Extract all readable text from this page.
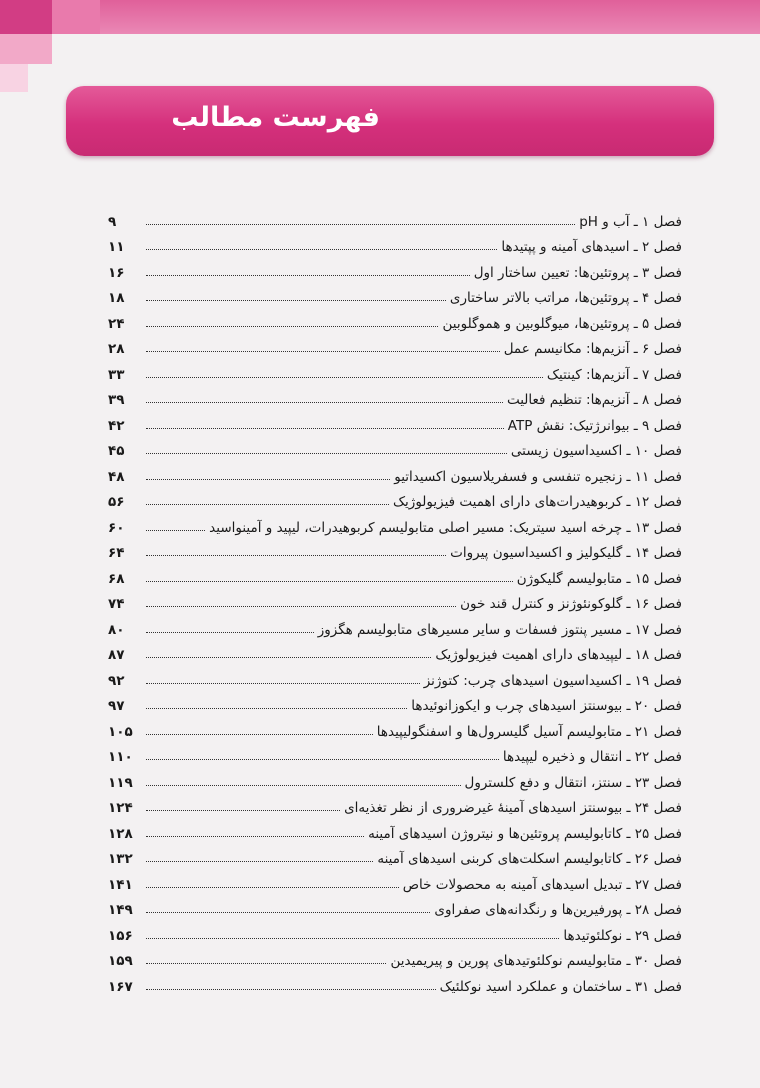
فهرست مطالب
فصل ۱ ـ آب و pH
۹
فصل ۲ ـ اسیدهای آمینه و پپتیدها
۱۱
فصل ۳ ـ پروتئین‌ها: تعیین ساختار اول
۱۶
فصل ۴ ـ پروتئین‌ها، مراتب بالاتر ساختاری
۱۸
فصل ۵ ـ پروتئین‌ها، میوگلوبین و هموگلوبین
۲۴
فصل ۶ ـ آنزیم‌ها: مکانیسم عمل
۲۸
فصل ۷ ـ آنزیم‌ها: کینتیک
۳۳
فصل ۸ ـ آنزیم‌ها: تنظیم فعالیت
۳۹
فصل ۹ ـ بیوانرژتیک: نقش ATP
۴۲
فصل ۱۰ ـ اکسیداسیون زیستی
۴۵
فصل ۱۱ ـ زنجیره تنفسی و فسفریلاسیون اکسیداتیو
۴۸
فصل ۱۲ ـ کربوهیدرات‌های دارای اهمیت فیزیولوژیک
۵۶
فصل ۱۳ ـ چرخه اسید سیتریک: مسیر اصلی متابولیسم کربوهیدرات، لیپید و آمینواسید
۶۰
فصل ۱۴ ـ گلیکولیز و اکسیداسیون پیروات
۶۴
فصل ۱۵ ـ متابولیسم گلیکوژن
۶۸
فصل ۱۶ ـ گلوکونئوژنز و کنترل قند خون
۷۴
فصل ۱۷ ـ مسیر پنتوز فسفات و سایر مسیرهای متابولیسم هگزوز
۸۰
فصل ۱۸ ـ لیپیدهای دارای اهمیت فیزیولوژیک
۸۷
فصل ۱۹ ـ اکسیداسیون اسیدهای چرب: کتوژنز
۹۲
فصل ۲۰ ـ بیوسنتز اسیدهای چرب و ایکوزانوئیدها
۹۷
فصل ۲۱ ـ متابولیسم آسیل گلیسرول‌ها و اسفنگولیپیدها
۱۰۵
فصل ۲۲ ـ انتقال و ذخیره لیپیدها
۱۱۰
فصل ۲۳ ـ سنتز، انتقال و دفع کلسترول
۱۱۹
فصل ۲۴ ـ بیوسنتز اسیدهای آمینهٔ غیرضروری از نظر تغذیه‌ای
۱۲۴
فصل ۲۵ ـ کاتابولیسم پروتئین‌ها و نیتروژن اسیدهای آمینه
۱۲۸
فصل ۲۶ ـ کاتابولیسم اسکلت‌های کربنی اسیدهای آمینه
۱۳۲
فصل ۲۷ ـ تبدیل اسیدهای آمینه به محصولات خاص
۱۴۱
فصل ۲۸ ـ پورفیرین‌ها و رنگدانه‌های صفراوی
۱۴۹
فصل ۲۹ ـ نوکلئوتیدها
۱۵۶
فصل ۳۰ ـ متابولیسم نوکلئوتیدهای پورین و پیریمیدین
۱۵۹
فصل ۳۱ ـ ساختمان و عملکرد اسید نوکلئیک
۱۶۷
